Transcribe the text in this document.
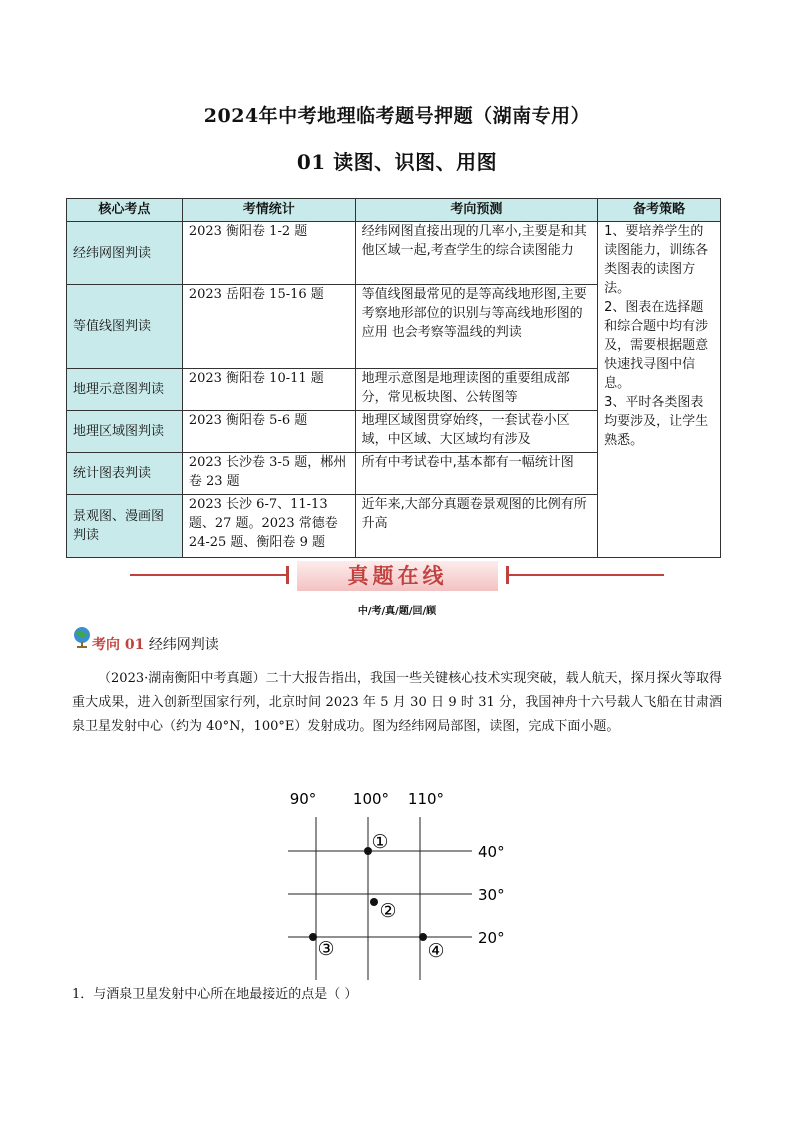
2024年中考地理临考题号押题（湖南专用）
01 读图、识图、用图
核心考点	考情统计	考向预测	备考策略
经纬网图判读	2023 衡阳卷 1-2 题	经纬网图直接出现的几率小,主要是和其他区域一起,考查学生的综合读图能力	1、要培养学生的读图能力，训练各类图表的读图方法。
2、图表在选择题和综合题中均有涉及，需要根据题意快速找寻图中信息。
3、平时各类图表均要涉及，让学生熟悉。

等值线图判读	2023 岳阳卷 15-16 题	等值线图最常见的是等高线地形图,主要考察地形部位的识别与等高线地形图的应用 也会考察等温线的判读	
地理示意图判读	2023 衡阳卷 10-11 题	地理示意图是地理读图的重要组成部分，常见板块图、公转图等	
地理区域图判读	2023 衡阳卷 5-6 题	地理区域图贯穿始终，一套试卷小区域，中区域、大区域均有涉及	
统计图表判读	2023 长沙卷 3-5 题，郴州卷 23 题	所有中考试卷中,基本都有一幅统计图	
景观图、漫画图判读	2023 长沙 6-7、11-13 题、27 题。2023 常德卷 24-25 题、衡阳卷 9 题	近年来,大部分真题卷景观图的比例有所升高	
真题在线
中/考/真/题/回/顾
考向 01 经纬网判读
（2023·湖南衡阳中考真题）二十大报告指出，我国一些关键核心技术实现突破，载人航天，探月探火等取得重大成果，进入创新型国家行列，北京时间 2023 年 5 月 30 日 9 时 31 分，我国神舟十六号载人飞船在甘肃酒泉卫星发射中心（约为 40°N，100°E）发射成功。图为经纬网局部图，读图，完成下面小题。
90° 100° 110°
40°
30°
20°
①
②
③	④
1．与酒泉卫星发射中心所在地最接近的点是（ ）
